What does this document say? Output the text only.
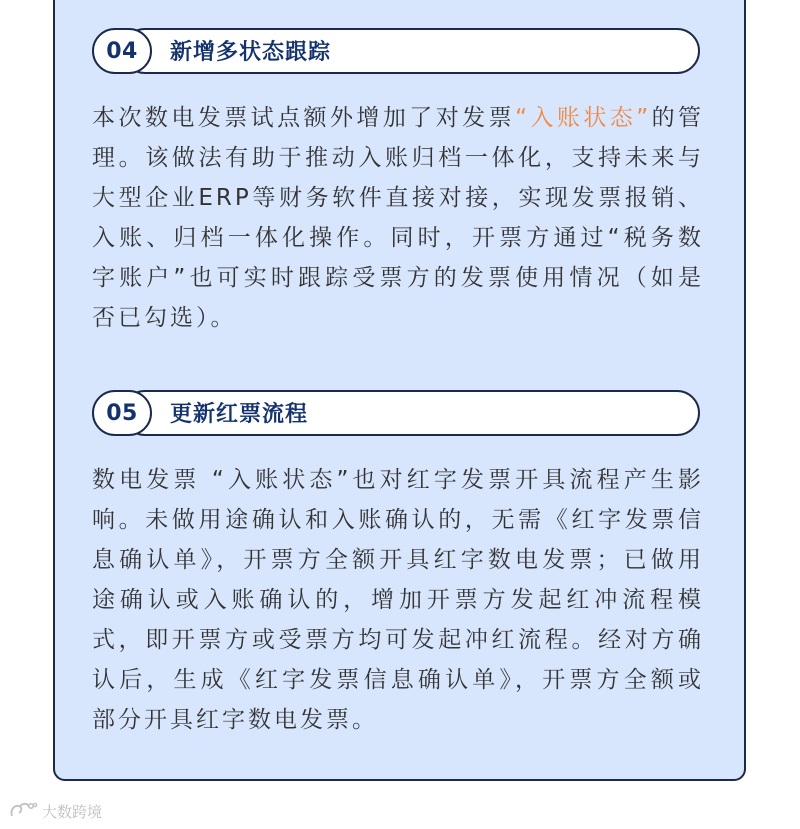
新增多状态跟踪
04
本次数电发票试点额外增加了对发票“入账状态”的管理。该做法有助于推动入账归档一体化，支持未来与大型企业ERP等财务软件直接对接，实现发票报销、入账、归档一体化操作。同时，开票方通过“税务数字账户”也可实时跟踪受票方的发票使用情况（如是否已勾选）。
更新红票流程
05
数电发票 “入账状态”也对红字发票开具流程产生影响。未做用途确认和入账确认的，无需《红字发票信息确认单》，开票方全额开具红字数电发票；已做用途确认或入账确认的，增加开票方发起红冲流程模式，即开票方或受票方均可发起冲红流程。经对方确认后，生成《红字发票信息确认单》，开票方全额或部分开具红字数电发票。
大数跨境
